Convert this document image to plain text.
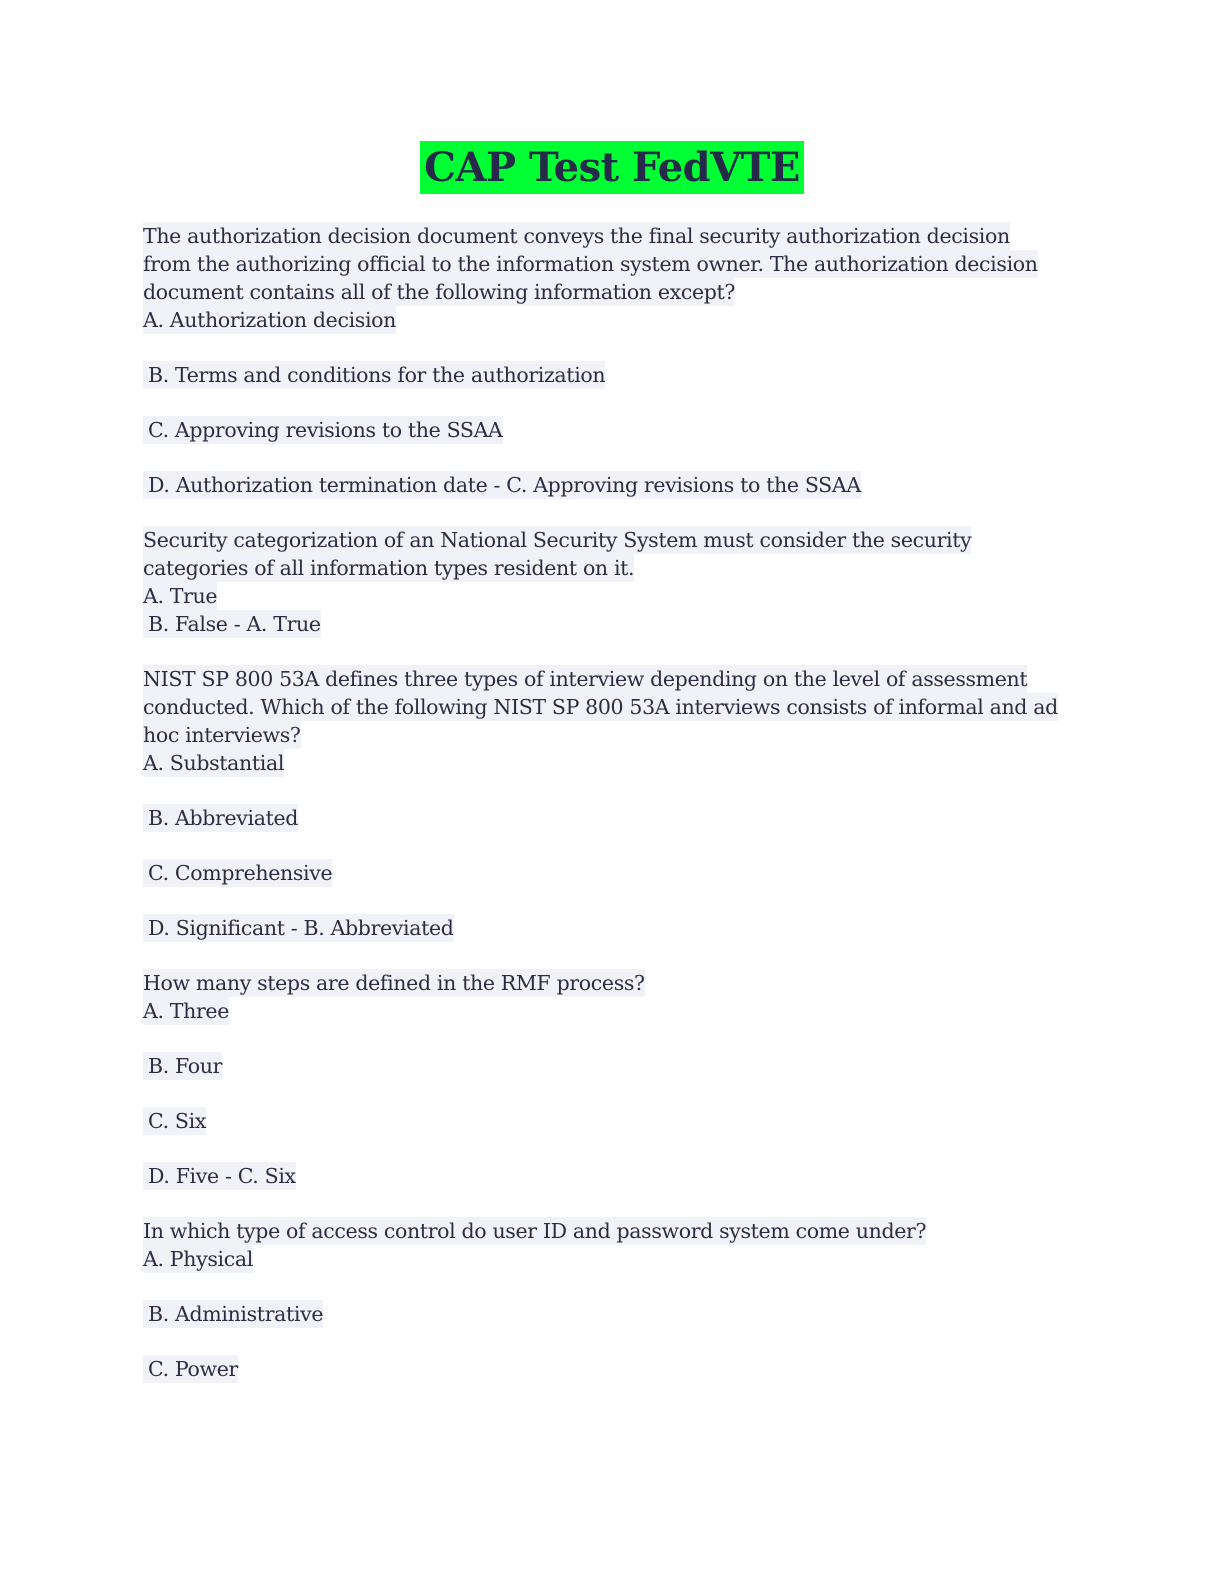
CAP Test FedVTE
The authorization decision document conveys the final security authorization decision
from the authorizing official to the information system owner. The authorization decision
document contains all of the following information except?
A. Authorization decision
B. Terms and conditions for the authorization
C. Approving revisions to the SSAA
D. Authorization termination date - C. Approving revisions to the SSAA
Security categorization of an National Security System must consider the security
categories of all information types resident on it.
A. True
B. False - A. True
NIST SP 800 53A defines three types of interview depending on the level of assessment
conducted. Which of the following NIST SP 800 53A interviews consists of informal and ad
hoc interviews?
A. Substantial
B. Abbreviated
C. Comprehensive
D. Significant - B. Abbreviated
How many steps are defined in the RMF process?
A. Three
B. Four
C. Six
D. Five - C. Six
In which type of access control do user ID and password system come under?
A. Physical
B. Administrative
C. Power
